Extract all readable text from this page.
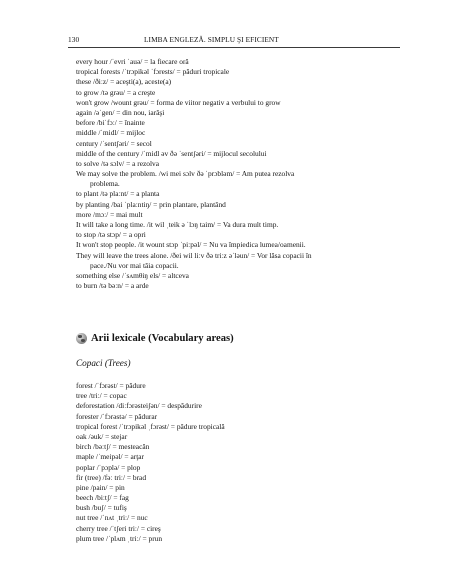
130	LIMBA ENGLEZĂ. SIMPLU ŞI EFICIENT
every hour /ˈevri ˈauə/ = la fiecare oră
tropical forests /ˈtrɔpikəl ˈfɔrests/ = păduri tropicale
these /ðiːz/ = aceşti(a), aceste(a)
to grow /tə grəu/ = a creşte
won't grow /wount grəu/ = forma de viitor negativ a verbului to grow
again /əˈgen/ = din nou, iarăşi
before /biˈfɔː/ = înainte
middle /ˈmidl/ = mijloc
century /ˈsentʃəri/ = secol
middle of the century /ˈmidl əv ðə ˈsentʃəri/ = mijlocul secolului
to solve /tə sɔlv/ = a rezolva
We may solve the problem. /wi mei sɔlv ðə ˈprɔbləm/ = Am putea rezolva
problema.
to plant /tə plaːnt/ = a planta
by planting /bai ˈplaːntiŋ/ = prin plantare, plantând
more /mɔː/ = mai mult
It will take a long time. /it wil ˌteik ə ˈlɔŋ taim/ = Va dura mult timp.
to stop /tə stɔp/ = a opri
It won't stop people. /it wount stɔp ˈpiːpəl/ = Nu va împiedica lumea/oamenii.
They will leave the trees alone. /ðei wil liːv ðə triːz əˈləun/ = Vor lăsa copacii în
pace./Nu vor mai tăia copacii.
something else /ˈsʌmθiŋ els/ = altceva
to burn /tə bəːn/ = a arde
Arii lexicale (Vocabulary areas)
Copaci (Trees)
forest /ˈfɔrəst/ = pădure
tree /triː/ = copac
deforestation /diːfɔrəsteiʃən/ = despădurire
forester /ˈfɔrəstə/ = pădurar
tropical forest /ˈtrɔpikəl ˌfɔrəst/ = pădure tropicală
oak /əuk/ = stejar
birch /bəːtʃ/ = mesteacăn
maple /ˈmeipəl/ = arţar
poplar /ˈpɔplə/ = plop
fir (tree) /fəː triː/ = brad
pine /pain/ = pin
beech /biːtʃ/ = fag
bush /buʃ/ = tufiş
nut tree /ˈnʌt ˌtriː/ = nuc
cherry tree /ˈtʃeri triː/ = cireş
plum tree /ˈplʌm ˌtriː/ = prun
